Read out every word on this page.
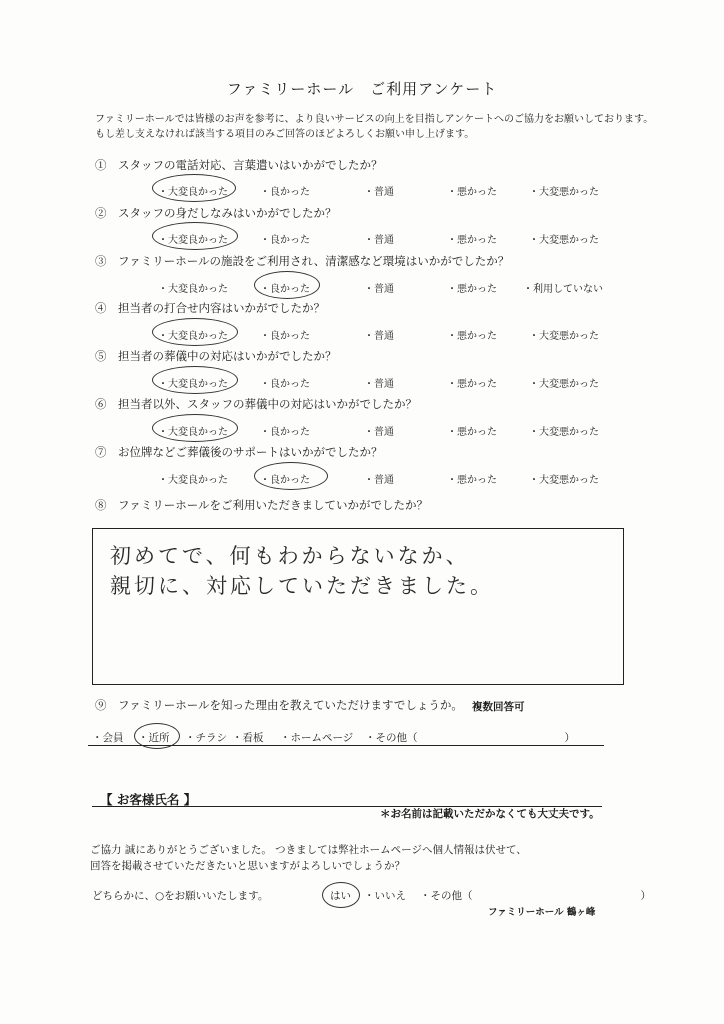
ファミリーホール　ご利用アンケート
ファミリーホールでは皆様のお声を参考に、より良いサービスの向上を目指しアンケートへのご協力をお願いしております。
もし差し支えなければ該当する項目のみご回答のほどよろしくお願い申し上げます。
①　スタッフの電話対応、言葉遣いはいかがでしたか？
・大変良かった	・良かった	・普通	・悪かった	・大変悪かった
②　スタッフの身だしなみはいかがでしたか？
・大変良かった	・良かった	・普通	・悪かった	・大変悪かった
③　ファミリーホールの施設をご利用され、清潔感など環境はいかがでしたか？
・大変良かった	・良かった	・普通	・悪かった	・利用していない
④　担当者の打合せ内容はいかがでしたか？
・大変良かった	・良かった	・普通	・悪かった	・大変悪かった
⑤　担当者の葬儀中の対応はいかがでしたか？
・大変良かった	・良かった	・普通	・悪かった	・大変悪かった
⑥　担当者以外、スタッフの葬儀中の対応はいかがでしたか？
・大変良かった	・良かった	・普通	・悪かった	・大変悪かった
⑦　お位牌などご葬儀後のサポートはいかがでしたか？
・大変良かった	・良かった	・普通	・悪かった	・大変悪かった
⑧　ファミリーホールをご利用いただきましていかがでしたか？
初めてで、何もわからないなか、
親切に、対応していただきました。
⑨　ファミリーホールを知った理由を教えていただけますでしょうか。 複数回答可
・会員 ・近所 ・チラシ ・看板 ・ホームページ ・その他（　　　　　　　　　　　　　　）
【 お客様氏名 】
＊お名前は記載いただかなくても大丈夫です。
ご協力 誠にありがとうございました。 つきましては弊社ホームページへ個人情報は伏せて、
回答を掲載させていただきたいと思いますがよろしいでしょうか？
どちらかに、○をお願いいたします。	はい ・いいえ ・その他（　　　　　　　　　　　　　　　　）
ファミリーホール 鶴ヶ峰
